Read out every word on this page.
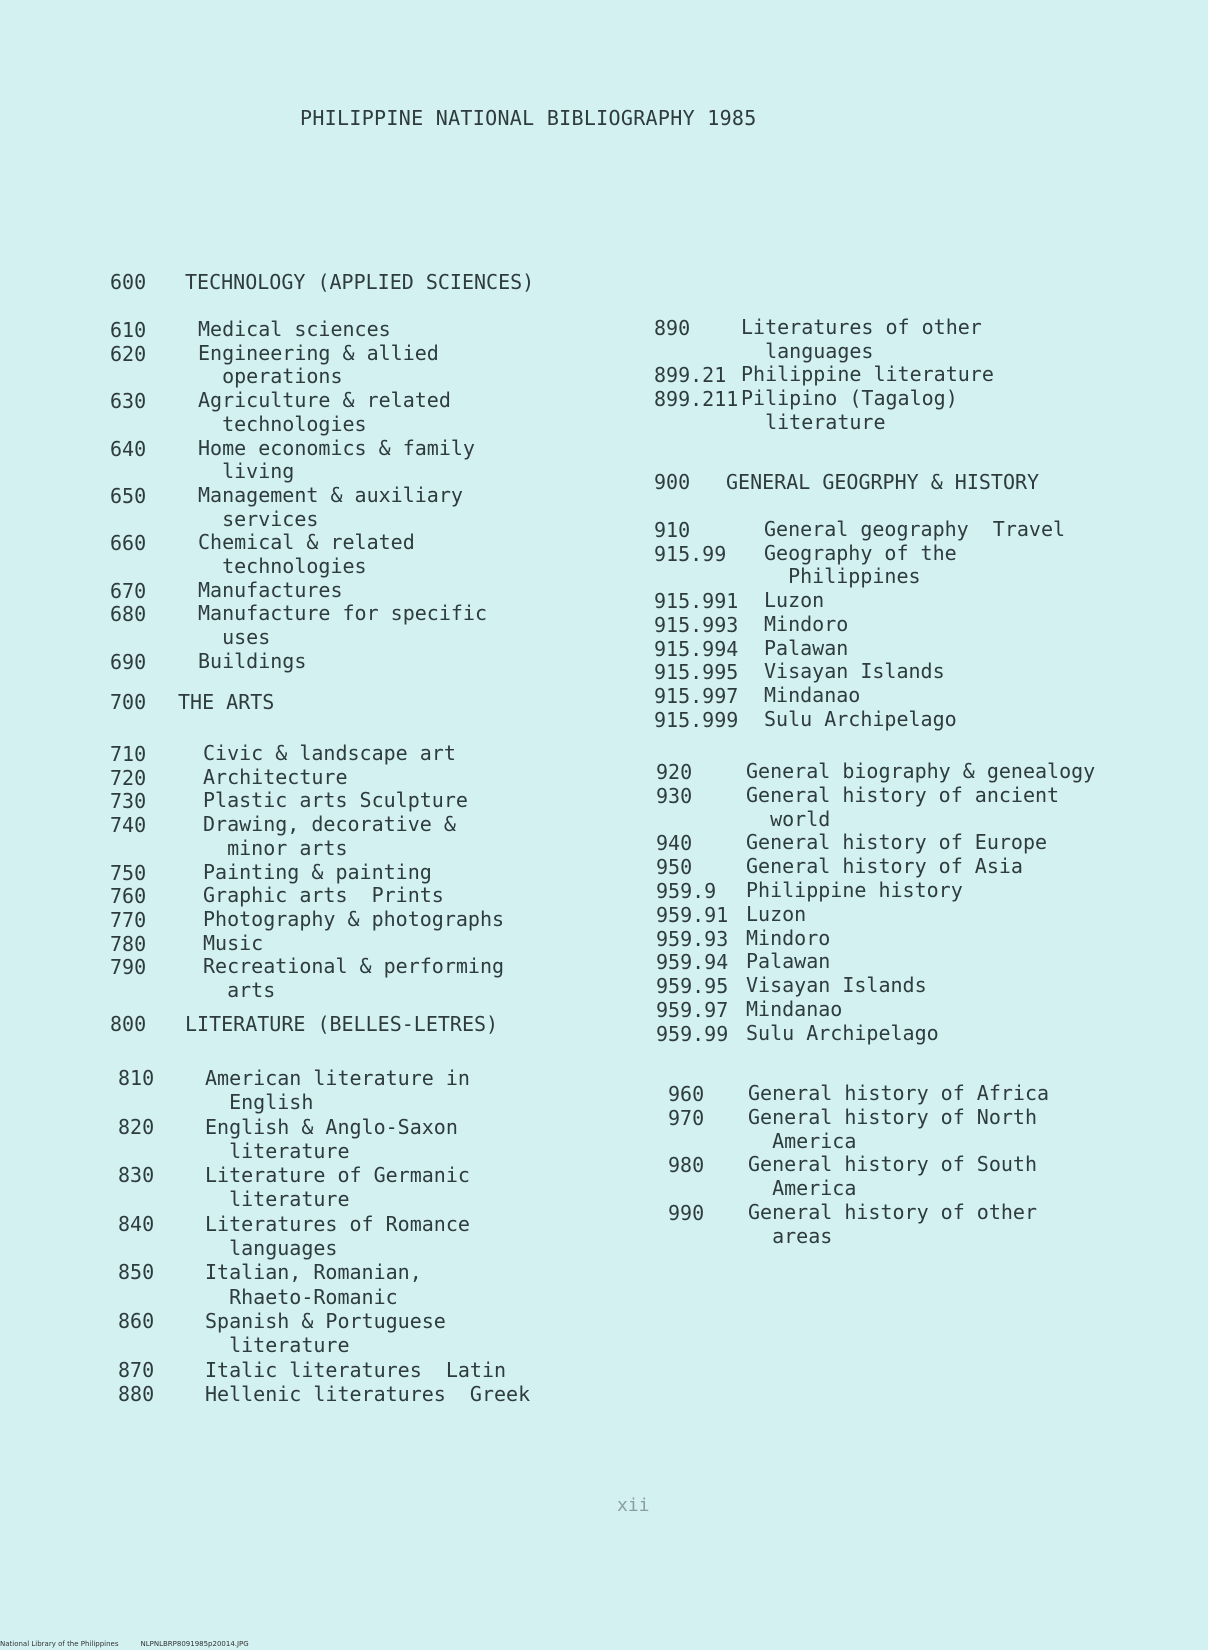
PHILIPPINE NATIONAL BIBLIOGRAPHY 1985
600 TECHNOLOGY (APPLIED SCIENCES)
610	Medical sciences
620	Engineering & allied
operations
630	Agriculture & related
technologies
640	Home economics & family
living
650	Management & auxiliary
services
660	Chemical & related
technologies
670	Manufactures
680	Manufacture for specific
uses
690	Buildings
700 THE ARTS
710	Civic & landscape art
720	Architecture
730	Plastic arts Sculpture
740	Drawing, decorative &
minor arts
750	Painting & painting
760	Graphic arts  Prints
770	Photography & photographs
780	Music
790	Recreational & performing
arts
800 LITERATURE (BELLES-LETRES)
810	American literature in
English
820	English & Anglo-Saxon
literature
830	Literature of Germanic
literature
840	Literatures of Romance
languages
850	Italian, Romanian,
Rhaeto-Romanic
860	Spanish & Portuguese
literature
870	Italic literatures  Latin
880	Hellenic literatures  Greek
890	Literatures of other
languages
899.21 Philippine literature
899.211 Pilipino (Tagalog)
literature
900 GENERAL GEOGRPHY & HISTORY
910	General geography  Travel
915.99 Geography of the
Philippines
915.991 Luzon
915.993 Mindoro
915.994 Palawan
915.995 Visayan Islands
915.997 Mindanao
915.999 Sulu Archipelago
920	General biography & genealogy
930	General history of ancient
world
940	General history of Europe
950	General history of Asia
959.9 Philippine history
959.91 Luzon
959.93 Mindoro
959.94 Palawan
959.95 Visayan Islands
959.97 Mindanao
959.99 Sulu Archipelago
960 General history of Africa
970 General history of North
America
980 General history of South
America
990 General history of other
areas
xii
National Library of the Philippines	NLPNLBRP8091985p20014.JPG
